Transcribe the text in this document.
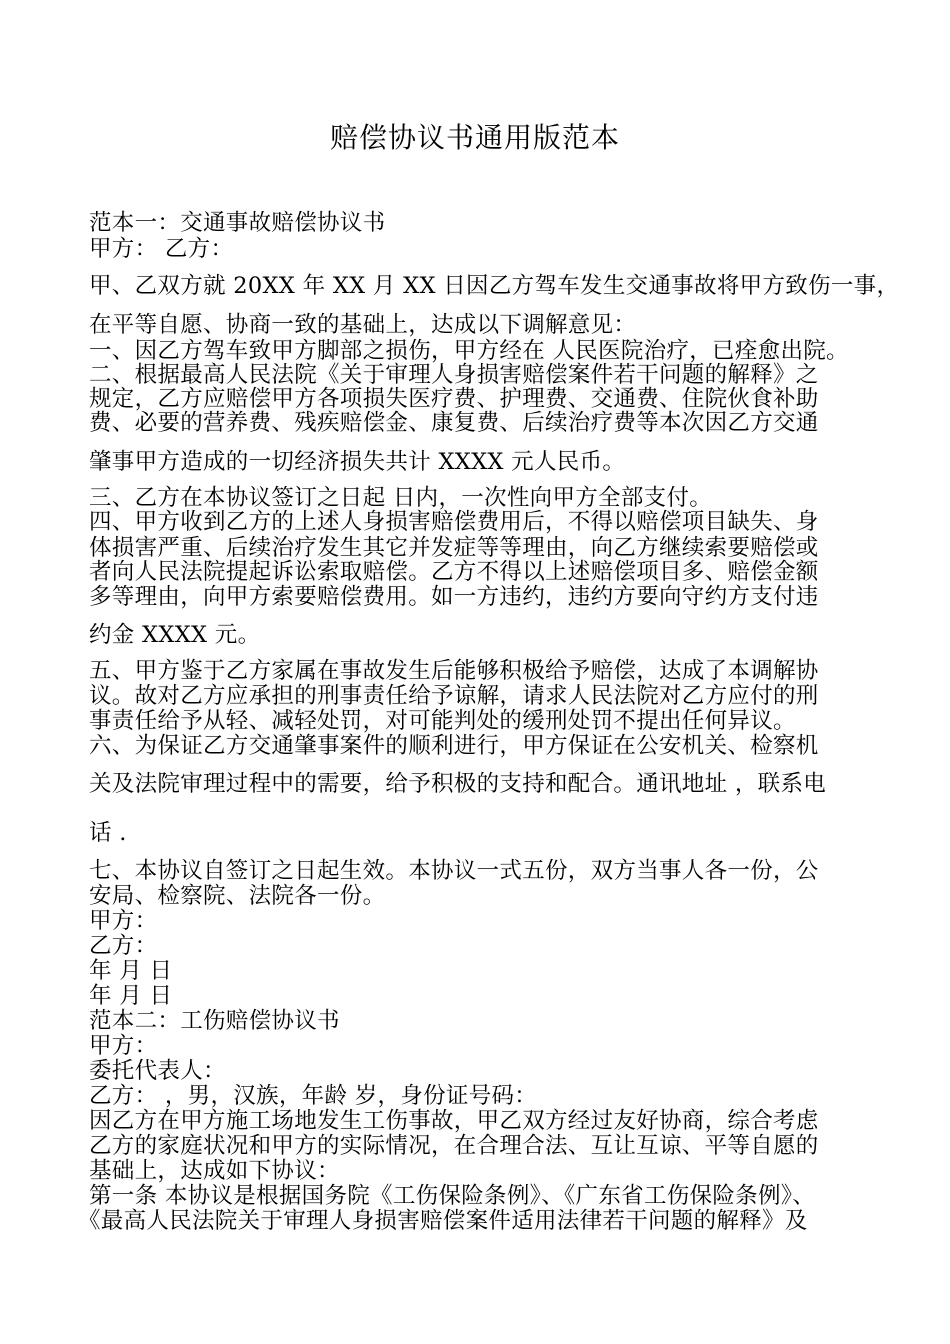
赔偿协议书通用版范本
范本一：交通事故赔偿协议书
甲方： 乙方：
甲、乙双方就 20XX 年 XX 月 XX 日因乙方驾车发生交通事故将甲方致伤一事，
在平等自愿、协商一致的基础上，达成以下调解意见：
一、因乙方驾车致甲方脚部之损伤，甲方经在 人民医院治疗，已痊愈出院。
二、根据最高人民法院《关于审理人身损害赔偿案件若干问题的解释》之
规定，乙方应赔偿甲方各项损失医疗费、护理费、交通费、住院伙食补助
费、必要的营养费、残疾赔偿金、康复费、后续治疗费等本次因乙方交通
肇事甲方造成的一切经济损失共计 XXXX 元人民币。
三、乙方在本协议签订之日起 日内，一次性向甲方全部支付。
四、甲方收到乙方的上述人身损害赔偿费用后，不得以赔偿项目缺失、身
体损害严重、后续治疗发生其它并发症等等理由，向乙方继续索要赔偿或
者向人民法院提起诉讼索取赔偿。乙方不得以上述赔偿项目多、赔偿金额
多等理由，向甲方索要赔偿费用。如一方违约，违约方要向守约方支付违
约金 XXXX 元。
五、甲方鉴于乙方家属在事故发生后能够积极给予赔偿，达成了本调解协
议。故对乙方应承担的刑事责任给予谅解，请求人民法院对乙方应付的刑
事责任给予从轻、减轻处罚，对可能判处的缓刑处罚不提出任何异议。
六、为保证乙方交通肇事案件的顺利进行，甲方保证在公安机关、检察机
关及法院审理过程中的需要，给予积极的支持和配合。通讯地址 ，联系电
话 .
七、本协议自签订之日起生效。本协议一式五份，双方当事人各一份，公
安局、检察院、法院各一份。
甲方：
乙方：
年 月 日
年 月 日
范本二：工伤赔偿协议书
甲方：
委托代表人：
乙方： ，男，汉族，年龄 岁，身份证号码：
因乙方在甲方施工场地发生工伤事故，甲乙双方经过友好协商，综合考虑
乙方的家庭状况和甲方的实际情况，在合理合法、互让互谅、平等自愿的
基础上，达成如下协议：
第一条 本协议是根据国务院《工伤保险条例》、《广东省工伤保险条例》、
《最高人民法院关于审理人身损害赔偿案件适用法律若干问题的解释》及
